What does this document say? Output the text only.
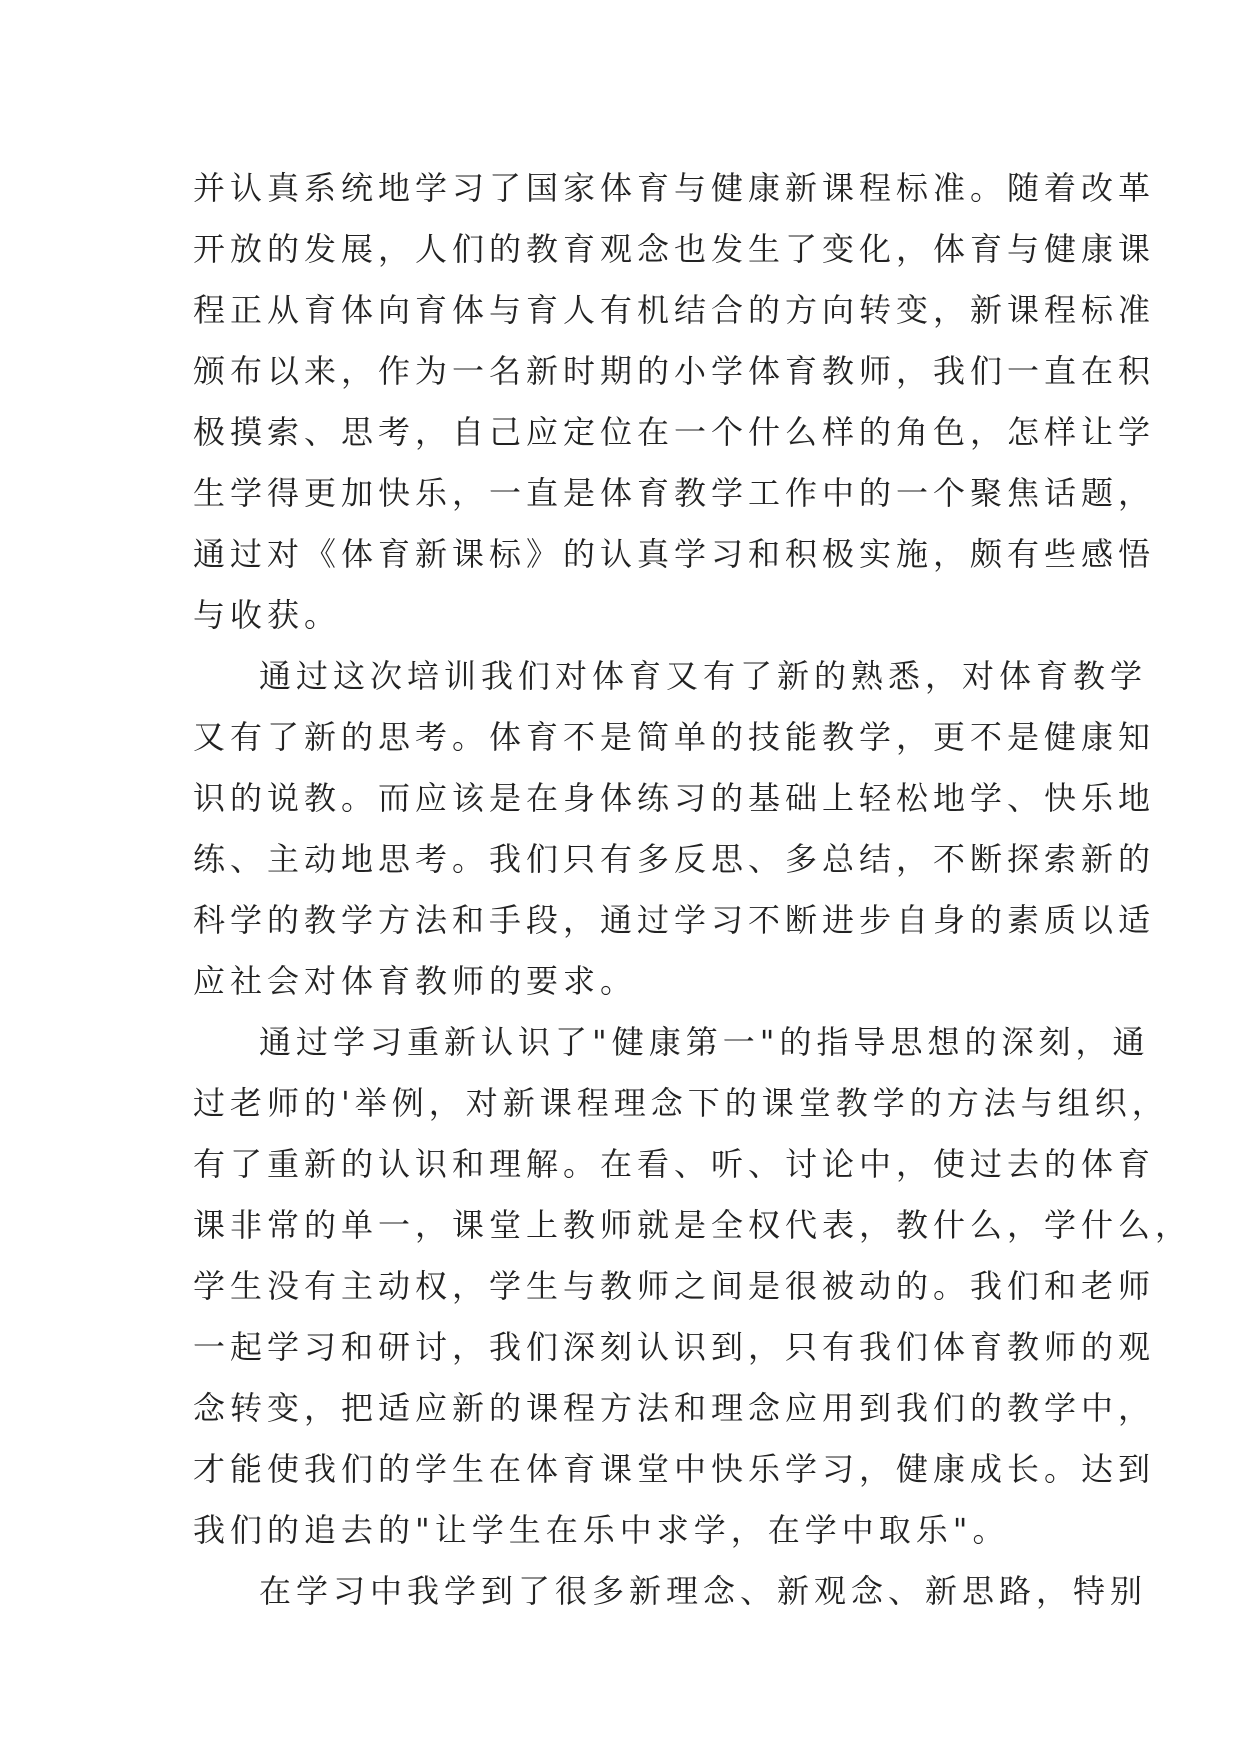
并认真系统地学习了国家体育与健康新课程标准。随着改革
开放的发展，人们的教育观念也发生了变化，体育与健康课
程正从育体向育体与育人有机结合的方向转变，新课程标准
颁布以来，作为一名新时期的小学体育教师，我们一直在积
极摸索、思考，自己应定位在一个什么样的角色，怎样让学
生学得更加快乐，一直是体育教学工作中的一个聚焦话题，
通过对《体育新课标》的认真学习和积极实施，颇有些感悟
与收获。
通过这次培训我们对体育又有了新的熟悉，对体育教学
又有了新的思考。体育不是简单的技能教学，更不是健康知
识的说教。而应该是在身体练习的基础上轻松地学、快乐地
练、主动地思考。我们只有多反思、多总结，不断探索新的
科学的教学方法和手段，通过学习不断进步自身的素质以适
应社会对体育教师的要求。
通过学习重新认识了"健康第一"的指导思想的深刻，通
过老师的'举例，对新课程理念下的课堂教学的方法与组织，
有了重新的认识和理解。在看、听、讨论中，使过去的体育
课非常的单一，课堂上教师就是全权代表，教什么，学什么，
学生没有主动权，学生与教师之间是很被动的。我们和老师
一起学习和研讨，我们深刻认识到，只有我们体育教师的观
念转变，把适应新的课程方法和理念应用到我们的教学中，
才能使我们的学生在体育课堂中快乐学习，健康成长。达到
我们的追去的"让学生在乐中求学，在学中取乐"。
在学习中我学到了很多新理念、新观念、新思路，特别
